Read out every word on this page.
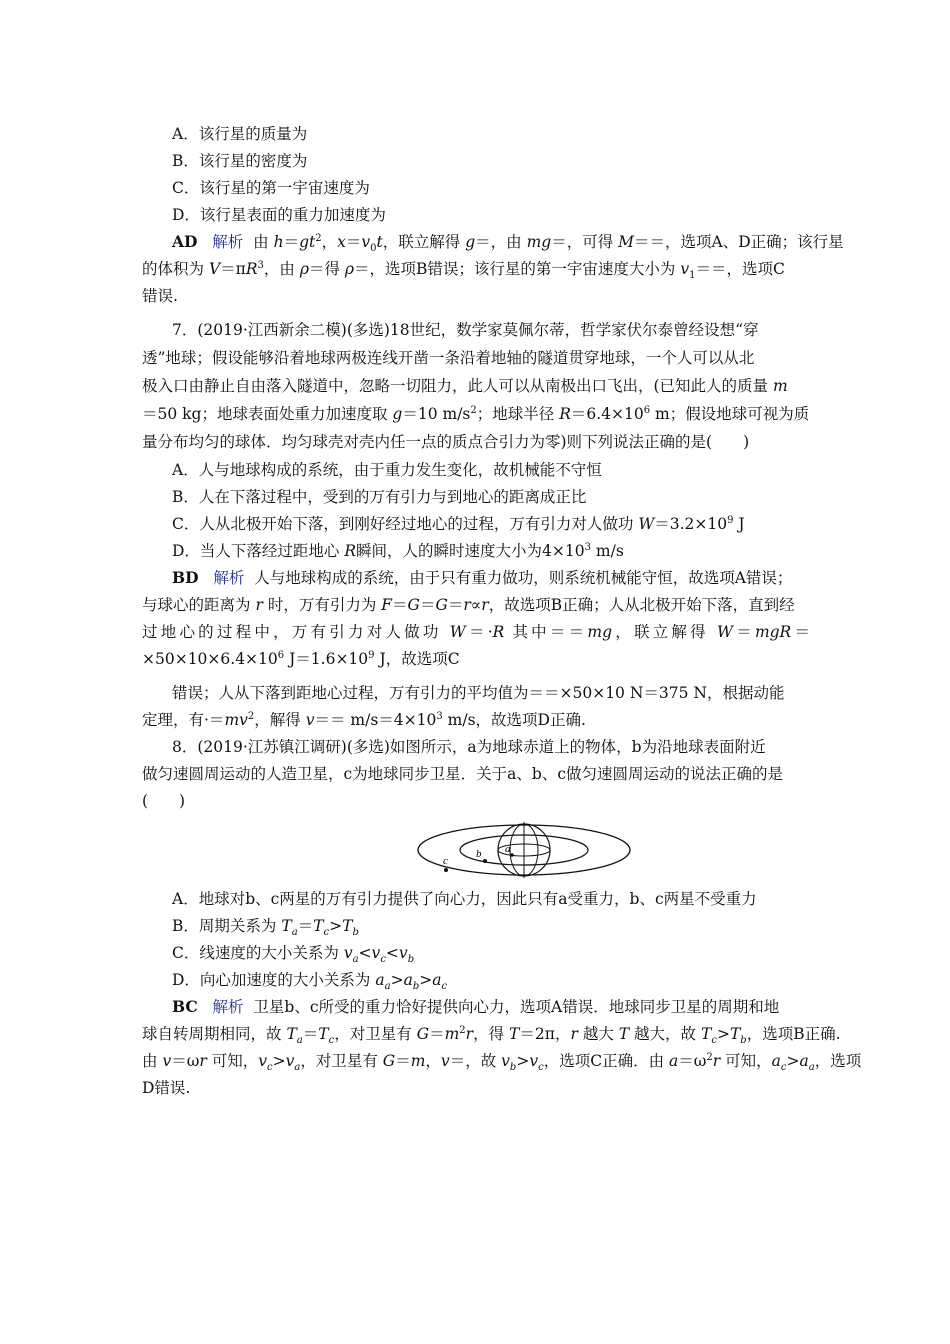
A．该行星的质量为
B．该行星的密度为
C．该行星的第一宇宙速度为
D．该行星表面的重力加速度为
AD 解析 由 $h=gt^2$，$x=v_0t$，联立解得 g＝，由 mg＝，可得 M＝＝，选项A、D正确；该行星
的体积为 $V=\pi R^3$，由 ρ＝得 ρ＝，选项B错误；该行星的第一宇宙速度大小为 $v_1==$，选项C
错误.
7．(2019·江西新余二模)(多选)18世纪，数学家莫佩尔蒂，哲学家伏尔泰曾经设想“穿
透”地球；假设能够沿着地球两极连线开凿一条沿着地轴的隧道贯穿地球，一个人可以从北
极入口由静止自由落入隧道中，忽略一切阻力，此人可以从南极出口飞出，(已知此人的质量 m
＝50 kg；地球表面处重力加速度取 g＝10 $m/s^2$；地球半径 $R=6.4\times 10^6$ m；假设地球可视为质
量分布均匀的球体．均匀球壳对壳内任一点的质点合引力为零)则下列说法正确的是(　　)
A．人与地球构成的系统，由于重力发生变化，故机械能不守恒
B．人在下落过程中，受到的万有引力与到地心的距离成正比
C．人从北极开始下落，到刚好经过地心的过程，万有引力对人做功 $W=3.2\times 10^9$ J
D．当人下落经过距地心 R瞬间，人的瞬时速度大小为$4\times 10^3$ m/s
BD 解析 人与地球构成的系统，由于只有重力做功，则系统机械能守恒，故选项A错误；
与球心的距离为 r 时，万有引力为 F＝G＝G＝r∝r，故选项B正确；人从北极开始下落，直到经
过地心的过程中，万有引力对人做功 W＝·R 其中＝＝mg，联立解得 W＝mgR＝
$\times 50\times 10\times 6.4\times 10^6$ $J=1.6\times 10^9$ J，故选项C
错误；人从下落到距地心过程，万有引力的平均值为＝＝×50×10 N＝375 N，根据动能
定理，有$\cdot=mv^2$，解得 $v== m/s=4\times 10^3$ m/s，故选项D正确.
8．(2019·江苏镇江调研)(多选)如图所示，a为地球赤道上的物体，b为沿地球表面附近
做匀速圆周运动的人造卫星，c为地球同步卫星．关于a、b、c做匀速圆周运动的说法正确的是
(　　)
b a
c
A．地球对b、c两星的万有引力提供了向心力，因此只有a受重力，b、c两星不受重力
B．周期关系为 $T_a=T_c>T_b$
C．线速度的大小关系为 $v_a<v_c<v_b$
D．向心加速度的大小关系为 $a_a>a_b>a_c$
BC 解析 卫星b、c所受的重力恰好提供向心力，选项A错误．地球同步卫星的周期和地
球自转周期相同，故 $T_a=T_c$，对卫星有 $G=m^2r$，得 T＝2π，r 越大 T 越大，故 $T_c>T_b$，选项B正确.
由 v＝ωr 可知，$v_c>v_a$，对卫星有 G＝m，v＝，故 $v_b>v_c$，选项C正确．由 $a=\omega^2r$ 可知，$a_c>a_a$，选项
D错误.
